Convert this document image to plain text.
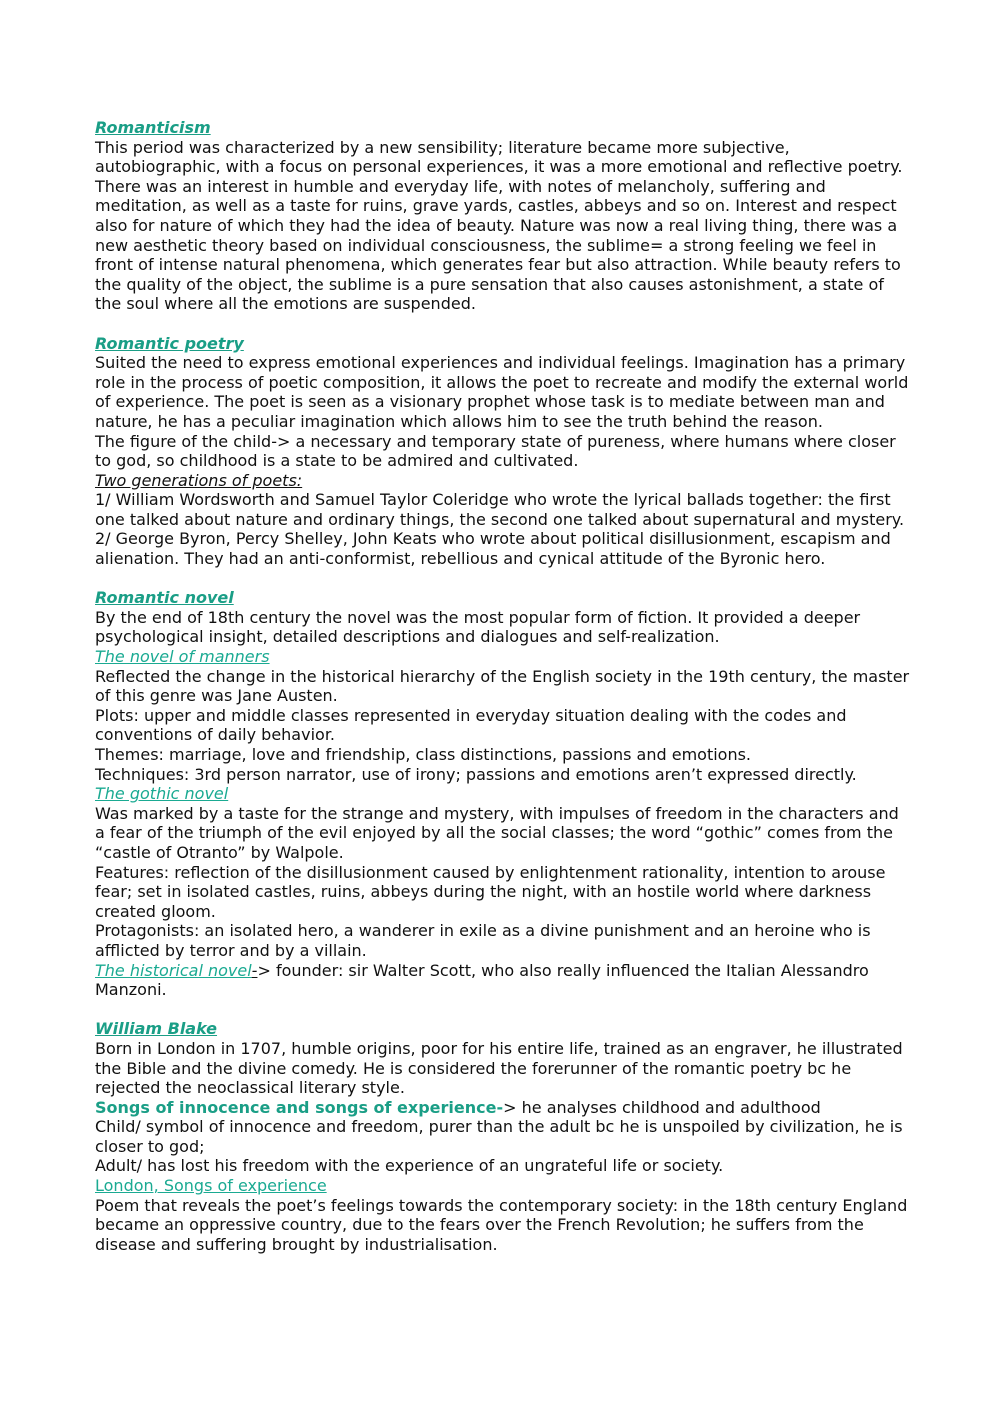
Romanticism

This period was characterized by a new sensibility; literature became more subjective, autobiographic, with a focus on personal experiences, it was a more emotional and reflective poetry. There was an interest in humble and everyday life, with notes of melancholy, suffering and meditation, as well as a taste for ruins, grave yards, castles, abbeys and so on. Interest and respect also for nature of which they had the idea of beauty. Nature was now a real living thing, there was a new aesthetic theory based on individual consciousness, the sublime= a strong feeling we feel in front of intense natural phenomena, which generates fear but also attraction. While beauty refers to the quality of the object, the sublime is a pure sensation that also causes astonishment, a state of the soul where all the emotions are suspended.

Romantic poetry

Suited the need to express emotional experiences and individual feelings. Imagination has a primary role in the process of poetic composition, it allows the poet to recreate and modify the external world of experience. The poet is seen as a visionary prophet whose task is to mediate between man and nature, he has a peculiar imagination which allows him to see the truth behind the reason.

The figure of the child-> a necessary and temporary state of pureness, where humans where closer to god, so childhood is a state to be admired and cultivated.

Two generations of poets:

1/ William Wordsworth and Samuel Taylor Coleridge who wrote the lyrical ballads together: the first one talked about nature and ordinary things, the second one talked about supernatural and mystery.

2/ George Byron, Percy Shelley, John Keats who wrote about political disillusionment, escapism and alienation. They had an anti-conformist, rebellious and cynical attitude of the Byronic hero.

Romantic novel

By the end of 18th century the novel was the most popular form of fiction. It provided a deeper psychological insight, detailed descriptions and dialogues and self-realization.

The novel of manners

Reflected the change in the historical hierarchy of the English society in the 19th century, the master of this genre was Jane Austen.

Plots: upper and middle classes represented in everyday situation dealing with the codes and conventions of daily behavior.

Themes: marriage, love and friendship, class distinctions, passions and emotions.

Techniques: 3rd person narrator, use of irony; passions and emotions aren’t expressed directly.

The gothic novel

Was marked by a taste for the strange and mystery, with impulses of freedom in the characters and a fear of the triumph of the evil enjoyed by all the social classes; the word “gothic” comes from the “castle of Otranto” by Walpole.

Features: reflection of the disillusionment caused by enlightenment rationality, intention to arouse fear; set in isolated castles, ruins, abbeys during the night, with an hostile world where darkness created gloom.

Protagonists: an isolated hero, a wanderer in exile as a divine punishment and an heroine who is afflicted by terror and by a villain.

The historical novel-> founder: sir Walter Scott, who also really influenced the Italian Alessandro Manzoni.

William Blake

Born in London in 1707, humble origins, poor for his entire life, trained as an engraver, he illustrated the Bible and the divine comedy. He is considered the forerunner of the romantic poetry bc he rejected the neoclassical literary style.

Songs of innocence and songs of experience-> he analyses childhood and adulthood

Child/ symbol of innocence and freedom, purer than the adult bc he is unspoiled by civilization, he is closer to god;

Adult/ has lost his freedom with the experience of an ungrateful life or society.

London, Songs of experience

Poem that reveals the poet’s feelings towards the contemporary society: in the 18th century England became an oppressive country, due to the fears over the French Revolution; he suffers from the disease and suffering brought by industrialisation.
